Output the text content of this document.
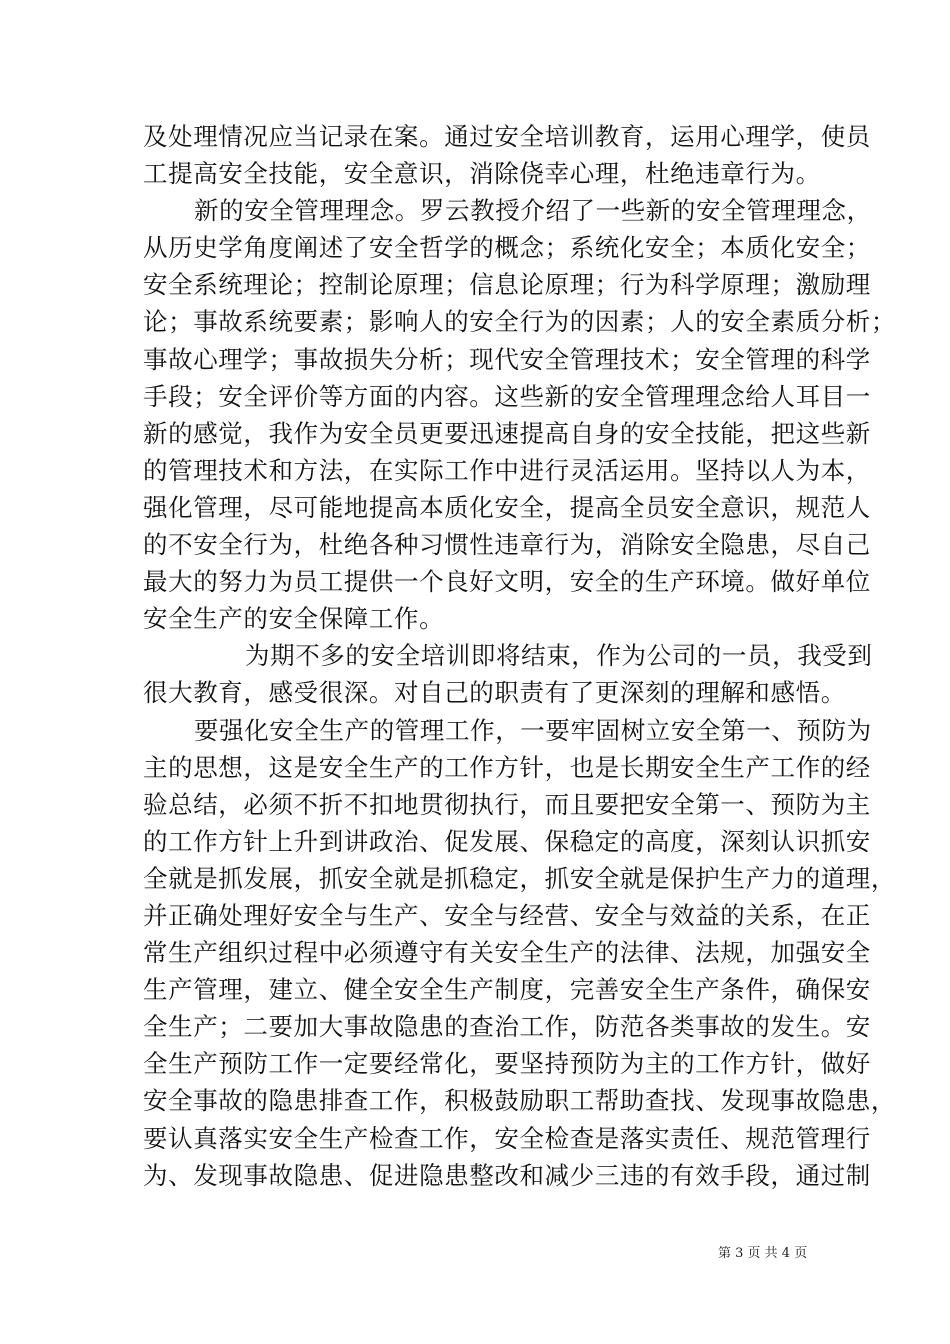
及处理情况应当记录在案。通过安全培训教育，运用心理学，使员
工提高安全技能，安全意识，消除侥幸心理，杜绝违章行为。
新的安全管理理念。罗云教授介绍了一些新的安全管理理念，
从历史学角度阐述了安全哲学的概念；系统化安全；本质化安全；
安全系统理论；控制论原理；信息论原理；行为科学原理；激励理
论；事故系统要素；影响人的安全行为的因素；人的安全素质分析；
事故心理学；事故损失分析；现代安全管理技术；安全管理的科学
手段；安全评价等方面的内容。这些新的安全管理理念给人耳目一
新的感觉，我作为安全员更要迅速提高自身的安全技能，把这些新
的管理技术和方法，在实际工作中进行灵活运用。坚持以人为本，
强化管理，尽可能地提高本质化安全，提高全员安全意识，规范人
的不安全行为，杜绝各种习惯性违章行为，消除安全隐患，尽自己
最大的努力为员工提供一个良好文明，安全的生产环境。做好单位
安全生产的安全保障工作。
为期不多的安全培训即将结束，作为公司的一员，我受到
很大教育，感受很深。对自己的职责有了更深刻的理解和感悟。
要强化安全生产的管理工作，一要牢固树立安全第一、预防为
主的思想，这是安全生产的工作方针，也是长期安全生产工作的经
验总结，必须不折不扣地贯彻执行，而且要把安全第一、预防为主
的工作方针上升到讲政治、促发展、保稳定的高度，深刻认识抓安
全就是抓发展，抓安全就是抓稳定，抓安全就是保护生产力的道理，
并正确处理好安全与生产、安全与经营、安全与效益的关系，在正
常生产组织过程中必须遵守有关安全生产的法律、法规，加强安全
生产管理，建立、健全安全生产制度，完善安全生产条件，确保安
全生产；二要加大事故隐患的查治工作，防范各类事故的发生。安
全生产预防工作一定要经常化，要坚持预防为主的工作方针，做好
安全事故的隐患排查工作，积极鼓励职工帮助查找、发现事故隐患，
要认真落实安全生产检查工作，安全检查是落实责任、规范管理行
为、发现事故隐患、促进隐患整改和减少三违的有效手段，通过制
第 3 页 共 4 页
